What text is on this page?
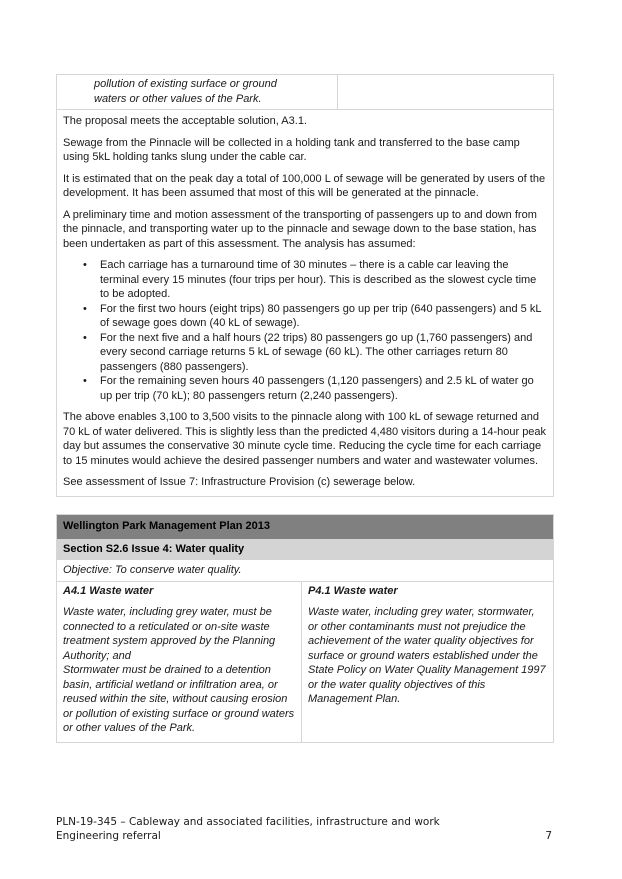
pollution of existing surface or ground
waters or other values of the Park.

The proposal meets the acceptable solution, A3.1.

Sewage from the Pinnacle will be collected in a holding tank and transferred to the base camp using 5kL holding tanks slung under the cable car.

It is estimated that on the peak day a total of 100,000 L of sewage will be generated by users of the development. It has been assumed that most of this will be generated at the pinnacle.

A preliminary time and motion assessment of the transporting of passengers up to and down from the pinnacle, and transporting water up to the pinnacle and sewage down to the base station, has been undertaken as part of this assessment. The analysis has assumed:

• Each carriage has a turnaround time of 30 minutes – there is a cable car leaving the terminal every 15 minutes (four trips per hour). This is described as the slowest cycle time to be adopted.
• For the first two hours (eight trips) 80 passengers go up per trip (640 passengers) and 5 kL of sewage goes down (40 kL of sewage).
• For the next five and a half hours (22 trips) 80 passengers go up (1,760 passengers) and every second carriage returns 5 kL of sewage (60 kL). The other carriages return 80 passengers (880 passengers).
• For the remaining seven hours 40 passengers (1,120 passengers) and 2.5 kL of water go up per trip (70 kL); 80 passengers return (2,240 passengers).

The above enables 3,100 to 3,500 visits to the pinnacle along with 100 kL of sewage returned and 70 kL of water delivered. This is slightly less than the predicted 4,480 visitors during a 14-hour peak day but assumes the conservative 30 minute cycle time. Reducing the cycle time for each carriage to 15 minutes would achieve the desired passenger numbers and water and wastewater volumes.

See assessment of Issue 7: Infrastructure Provision (c) sewerage below.

Wellington Park Management Plan 2013
Section S2.6 Issue 4: Water quality
Objective: To conserve water quality.
A4.1 Waste water

Waste water, including grey water, must be connected to a reticulated or on-site waste treatment system approved by the Planning Authority; and

Stormwater must be drained to a detention basin, artificial wetland or infiltration area, or reused within the site, without causing erosion or pollution of existing surface or ground waters or other values of the Park.

P4.1 Waste water

Waste water, including grey water, stormwater, or other contaminants must not prejudice the achievement of the water quality objectives for surface or ground waters established under the State Policy on Water Quality Management 1997 or the water quality objectives of this Management Plan.

PLN-19-345 – Cableway and associated facilities, infrastructure and work
Engineering referral	7
